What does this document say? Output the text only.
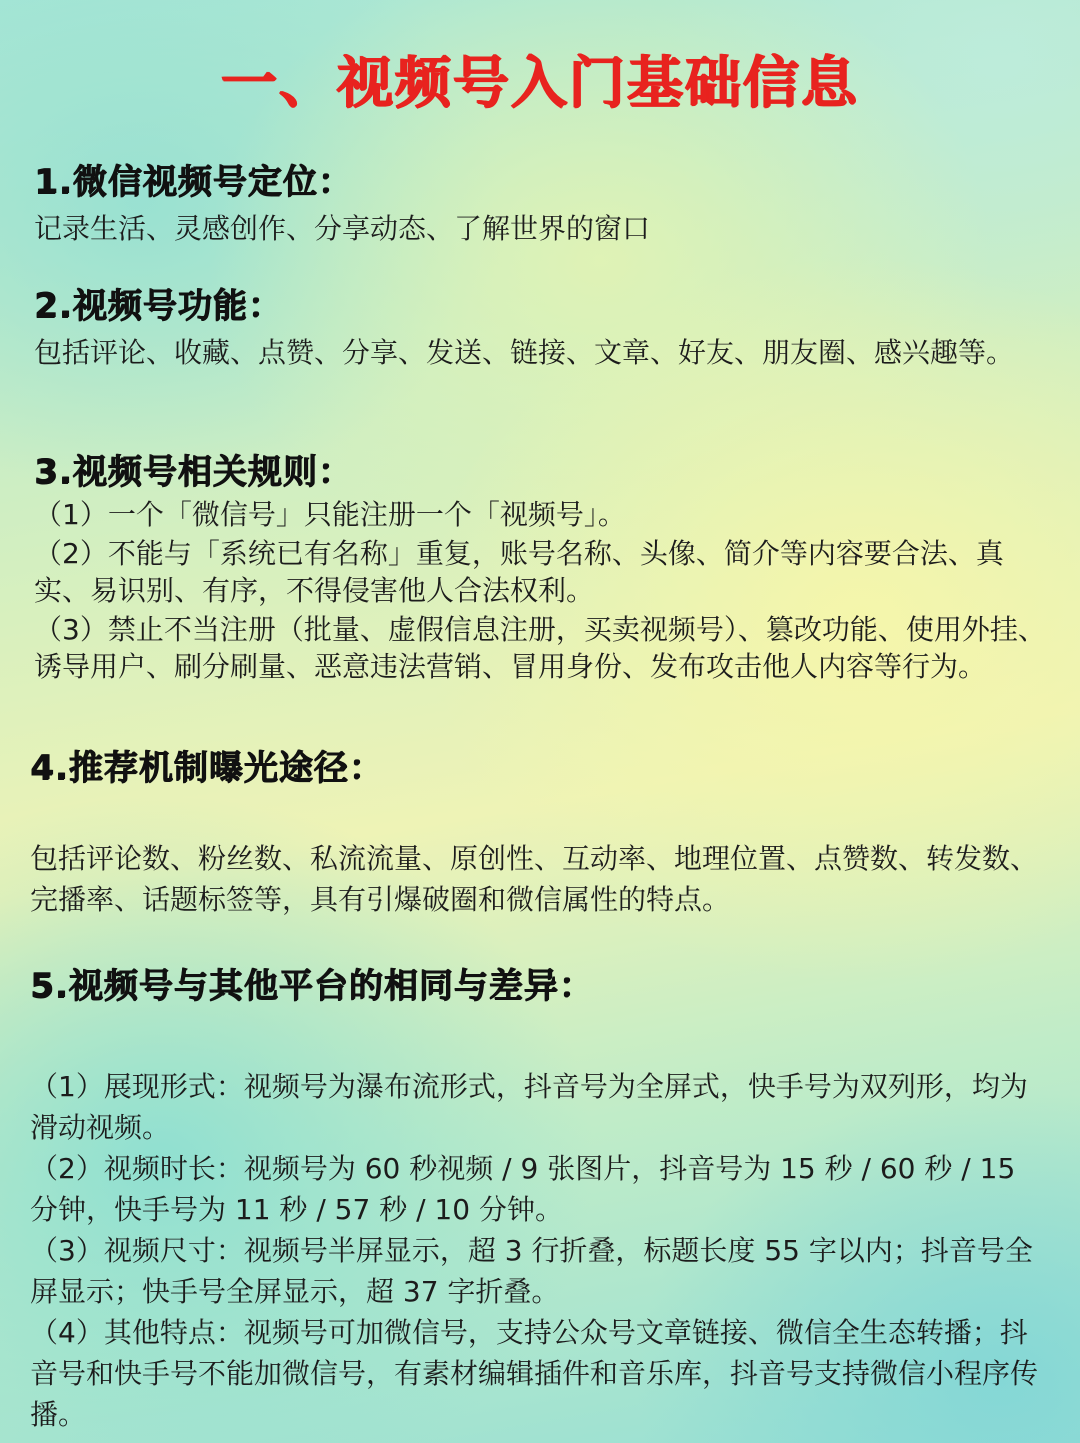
一、视频号入门基础信息
1.微信视频号定位：

记录生活、灵感创作、分享动态、了解世界的窗口

2.视频号功能：

包括评论、收藏、点赞、分享、发送、链接、文章、好友、朋友圈、感兴趣等。

3.视频号相关规则：

（1）一个「微信号」只能注册一个「视频号」。

（2）不能与「系统已有名称」重复，账号名称、头像、简介等内容要合法、真实、易识别、有序，不得侵害他人合法权利。

（3）禁止不当注册（批量、虚假信息注册，买卖视频号）、篡改功能、使用外挂、诱导用户、刷分刷量、恶意违法营销、冒用身份、发布攻击他人内容等行为。

4.推荐机制曝光途径：

包括评论数、粉丝数、私流流量、原创性、互动率、地理位置、点赞数、转发数、完播率、话题标签等，具有引爆破圈和微信属性的特点。

5.视频号与其他平台的相同与差异：

（1）展现形式：视频号为瀑布流形式，抖音号为全屏式，快手号为双列形，均为滑动视频。

（2）视频时长：视频号为 60 秒视频 / 9 张图片，抖音号为 15 秒 / 60 秒 / 15 分钟，快手号为 11 秒 / 57 秒 / 10 分钟。

（3）视频尺寸：视频号半屏显示，超 3 行折叠，标题长度 55 字以内；抖音号全屏显示；快手号全屏显示，超 37 字折叠。

（4）其他特点：视频号可加微信号，支持公众号文章链接、微信全生态转播；抖音号和快手号不能加微信号，有素材编辑插件和音乐库，抖音号支持微信小程序传播。
